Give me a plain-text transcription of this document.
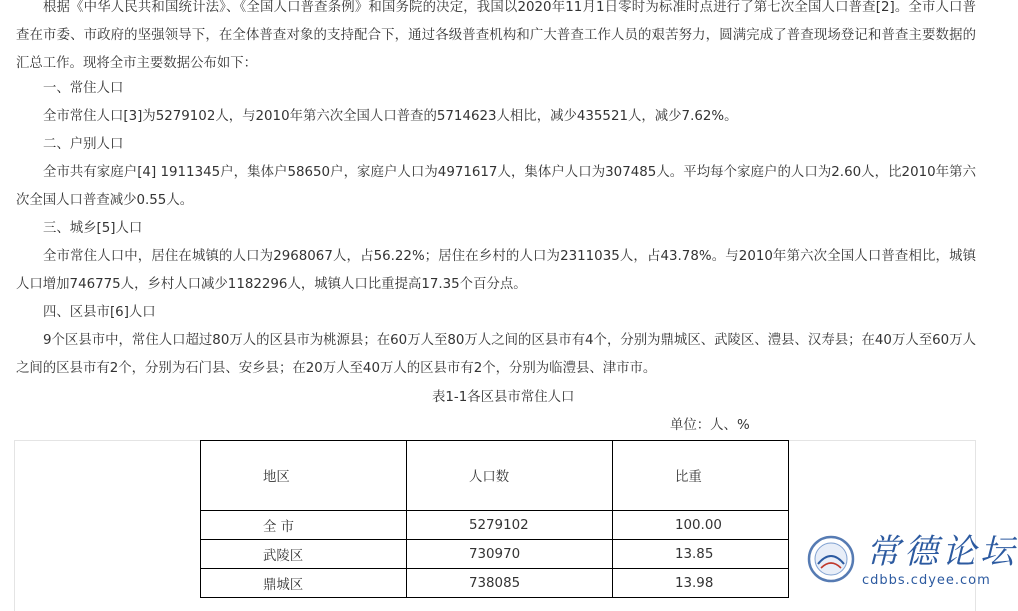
根据《中华人民共和国统计法》、《全国人口普查条例》和国务院的决定，我国以2020年11月1日零时为标准时点进行了第七次全国人口普查[2]。全市人口普查在市委、市政府的坚强领导下，在全体普查对象的支持配合下，通过各级普查机构和广大普查工作人员的艰苦努力，圆满完成了普查现场登记和普查主要数据的汇总工作。现将全市主要数据公布如下：

一、常住人口

全市常住人口[3]为5279102人，与2010年第六次全国人口普查的5714623人相比，减少435521人，减少7.62%。

二、户别人口

全市共有家庭户[4] 1911345户，集体户58650户，家庭户人口为4971617人，集体户人口为307485人。平均每个家庭户的人口为2.60人，比2010年第六次全国人口普查减少0.55人。

三、城乡[5]人口

全市常住人口中，居住在城镇的人口为2968067人，占56.22%；居住在乡村的人口为2311035人，占43.78%。与2010年第六次全国人口普查相比，城镇人口增加746775人，乡村人口减少1182296人，城镇人口比重提高17.35个百分点。

四、区县市[6]人口

9个区县市中，常住人口超过80万人的区县市为桃源县；在60万人至80万人之间的区县市有4个，分别为鼎城区、武陵区、澧县、汉寿县；在40万人至60万人之间的区县市有2个，分别为石门县、安乡县；在20万人至40万人的区县市有2个，分别为临澧县、津市市。

表1-1各区县市常住人口
单位：人、%
地区	人口数	比重
全 市	5279102	100.00
武陵区	730970	13.85
鼎城区	738085	13.98
常德论坛
cdbbs.cdyee.com
